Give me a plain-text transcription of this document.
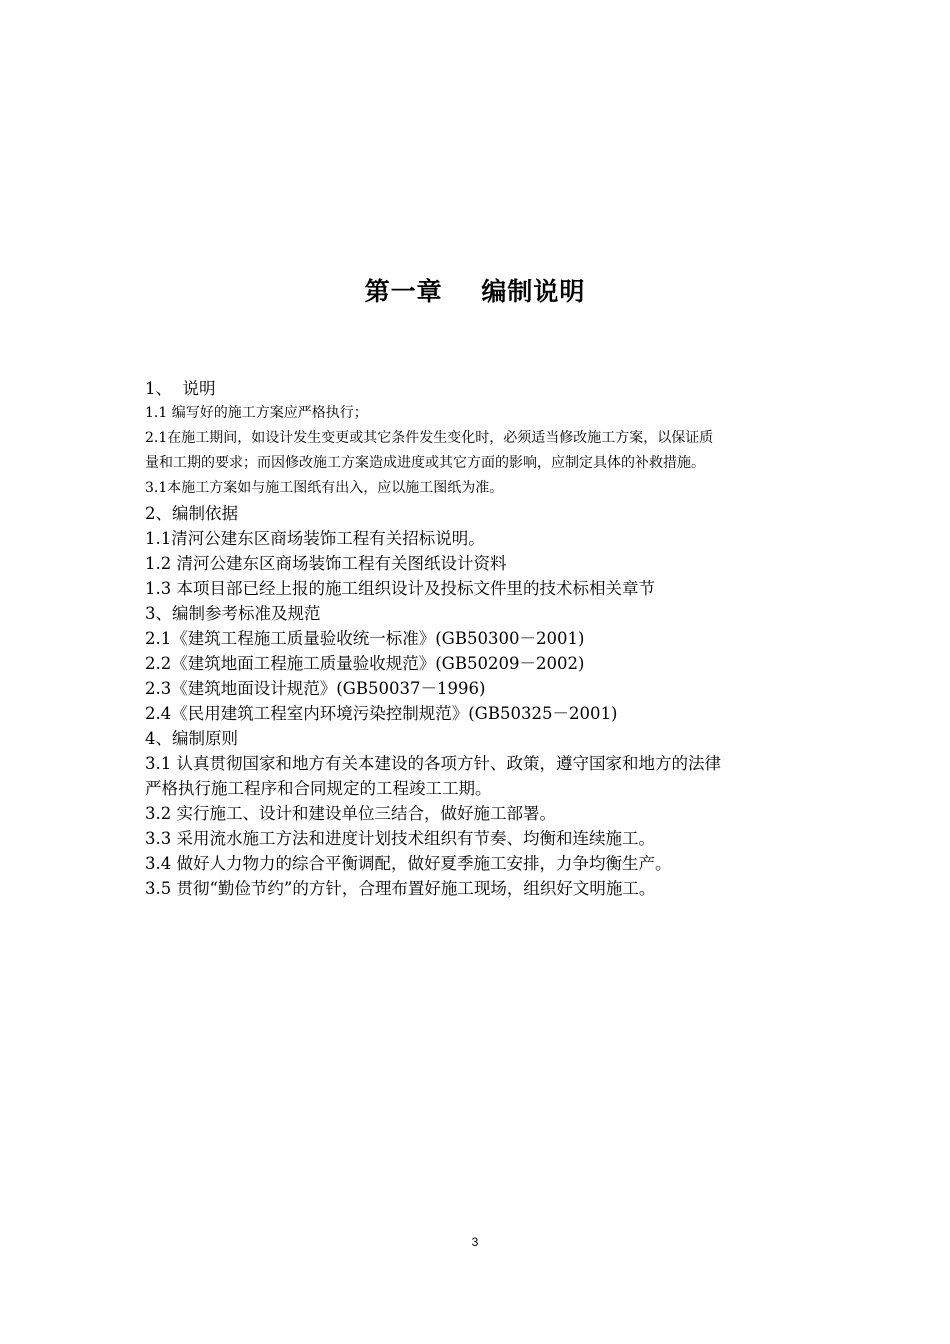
第一章    编制说明
1、  说明
1.1 编写好的施工方案应严格执行；
2.1在施工期间，如设计发生变更或其它条件发生变化时，必须适当修改施工方案，以保证质
量和工期的要求；而因修改施工方案造成进度或其它方面的影响，应制定具体的补救措施。
3.1本施工方案如与施工图纸有出入，应以施工图纸为准。
2、编制依据
1.1清河公建东区商场装饰工程有关招标说明。
1.2 清河公建东区商场装饰工程有关图纸设计资料
1.3 本项目部已经上报的施工组织设计及投标文件里的技术标相关章节
3、编制参考标准及规范
2.1《建筑工程施工质量验收统一标准》(GB50300－2001)
2.2《建筑地面工程施工质量验收规范》(GB50209－2002)
2.3《建筑地面设计规范》(GB50037－1996)
2.4《民用建筑工程室内环境污染控制规范》(GB50325－2001)
4、编制原则
3.1 认真贯彻国家和地方有关本建设的各项方针、政策，遵守国家和地方的法律
严格执行施工程序和合同规定的工程竣工工期。
3.2 实行施工、设计和建设单位三结合，做好施工部署。
3.3 采用流水施工方法和进度计划技术组织有节奏、均衡和连续施工。
3.4 做好人力物力的综合平衡调配，做好夏季施工安排，力争均衡生产。
3.5 贯彻“勤俭节约”的方针，合理布置好施工现场，组织好文明施工。
3
